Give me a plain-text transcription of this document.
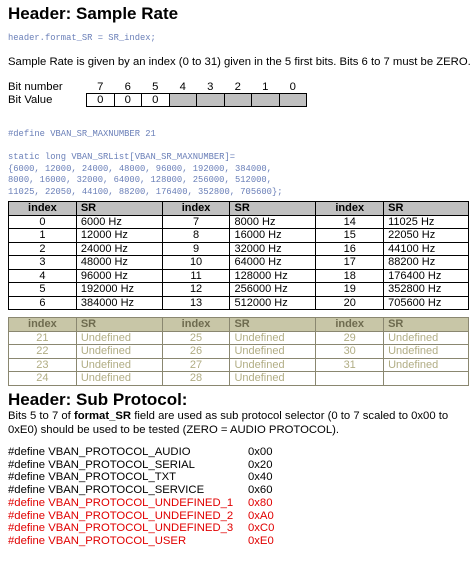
Header: Sample Rate
header.format_SR = SR_index;
Sample Rate is given by an index (0 to 31) given in the 5 first bits. Bits 6 to 7 must be ZERO.
Bit number	7	6	5	4	3	2	1	0
Bit Value	0	0	0					
#define VBAN_SR_MAXNUMBER 21
static long VBAN_SRList[VBAN_SR_MAXNUMBER]=
{6000, 12000, 24000, 48000, 96000, 192000, 384000,
8000, 16000, 32000, 64000, 128000, 256000, 512000,
11025, 22050, 44100, 88200, 176400, 352800, 705600};
index	SR	index	SR	index	SR
0	6000 Hz	7	8000 Hz	14	11025 Hz
1	12000 Hz	8	16000 Hz	15	22050 Hz
2	24000 Hz	9	32000 Hz	16	44100 Hz
3	48000 Hz	10	64000 Hz	17	88200 Hz
4	96000 Hz	11	128000 Hz	18	176400 Hz
5	192000 Hz	12	256000 Hz	19	352800 Hz
6	384000 Hz	13	512000 Hz	20	705600 Hz
index	SR	index	SR	index	SR
21	Undefined	25	Undefined	29	Undefined
22	Undefined	26	Undefined	30	Undefined
23	Undefined	27	Undefined	31	Undefined
24	Undefined	28	Undefined		
Header: Sub Protocol:
Bits 5 to 7 of format_SR field are used as sub protocol selector (0 to 7 scaled to 0x00 to 0xE0) should be used to be tested (ZERO = AUDIO PROTOCOL).
#define VBAN_PROTOCOL_AUDIO	0x00
#define VBAN_PROTOCOL_SERIAL	0x20
#define VBAN_PROTOCOL_TXT	0x40
#define VBAN_PROTOCOL_SERVICE	0x60
#define VBAN_PROTOCOL_UNDEFINED_1	0x80
#define VBAN_PROTOCOL_UNDEFINED_2	0xA0
#define VBAN_PROTOCOL_UNDEFINED_3	0xC0
#define VBAN_PROTOCOL_USER	0xE0
